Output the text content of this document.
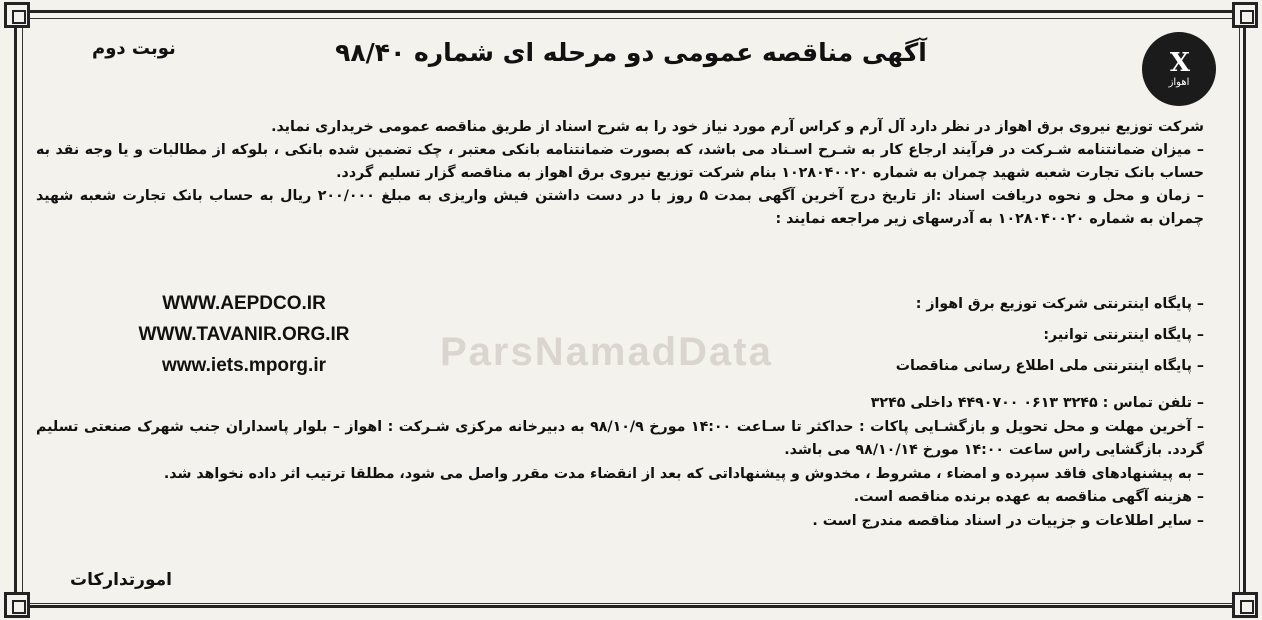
ParsNamadData
X
اهواز
آگهی مناقصه عمومی دو مرحله ای شماره ۹۸/۴۰
نوبت دوم

شرکت توزیع نیروی برق اهواز در نظر دارد آل آرم و کراس آرم مورد نیاز خود را به شرح اسناد از طریق مناقصه عمومی خریداری نماید.

– میزان ضمانتنامه شـرکت در فرآیند ارجاع کار به شـرح اسـناد می باشد، که بصورت ضمانتنامه بانکی معتبر ، چک تضمین شده بانکی ، بلوکه از مطالبات و یا وجه نقد به حساب بانک تجارت شعبه شهید چمران به شماره ۱۰۲۸۰۴۰۰۲۰ بنام شرکت توزیع نیروی برق اهواز به مناقصه گزار تسلیم گردد.

– زمان و محل و نحوه دریافت اسناد :از تاریخ درج آخرین آگهی بمدت ۵ روز با در دست داشتن فیش واریزی به مبلغ ۲۰۰/۰۰۰ ریال به حساب بانک تجارت شعبه شهید چمران به شماره ۱۰۲۸۰۴۰۰۲۰ به آدرسهای زیر مراجعه نمایند :

– پایگاه اینترنتی شرکت توزیع برق اهواز :
WWW.AEPDCO.IR
– پایگاه اینترنتی توانیر:
WWW.TAVANIR.ORG.IR
– پایگاه اینترنتی ملی اطلاع رسانی مناقصات
www.iets.mporg.ir

– تلفن تماس : ۳۲۴۵ ۰۶۱۳ ۴۴۹۰۷۰۰ داخلی ۳۲۴۵

– آخرین مهلت و محل تحویل و بازگشـایی پاکات : حداکثر تا سـاعت ۱۴:۰۰ مورخ ۹۸/۱۰/۹ به دبیرخانه مرکزی شـرکت : اهواز – بلوار پاسداران جنب شهرک صنعتی تسلیم گردد. بازگشایی راس ساعت ۱۴:۰۰ مورخ ۹۸/۱۰/۱۴ می باشد.

– به پیشنهادهای فاقد سپرده و امضاء ، مشروط ، مخدوش و پیشنهاداتی که بعد از انقضاء مدت مقرر واصل می شود، مطلقا ترتیب اثر داده نخواهد شد.

– هزینه آگهی مناقصه به عهده برنده مناقصه است.

– سایر اطلاعات و جزییات در اسناد مناقصه مندرج است .

امورتدارکات
